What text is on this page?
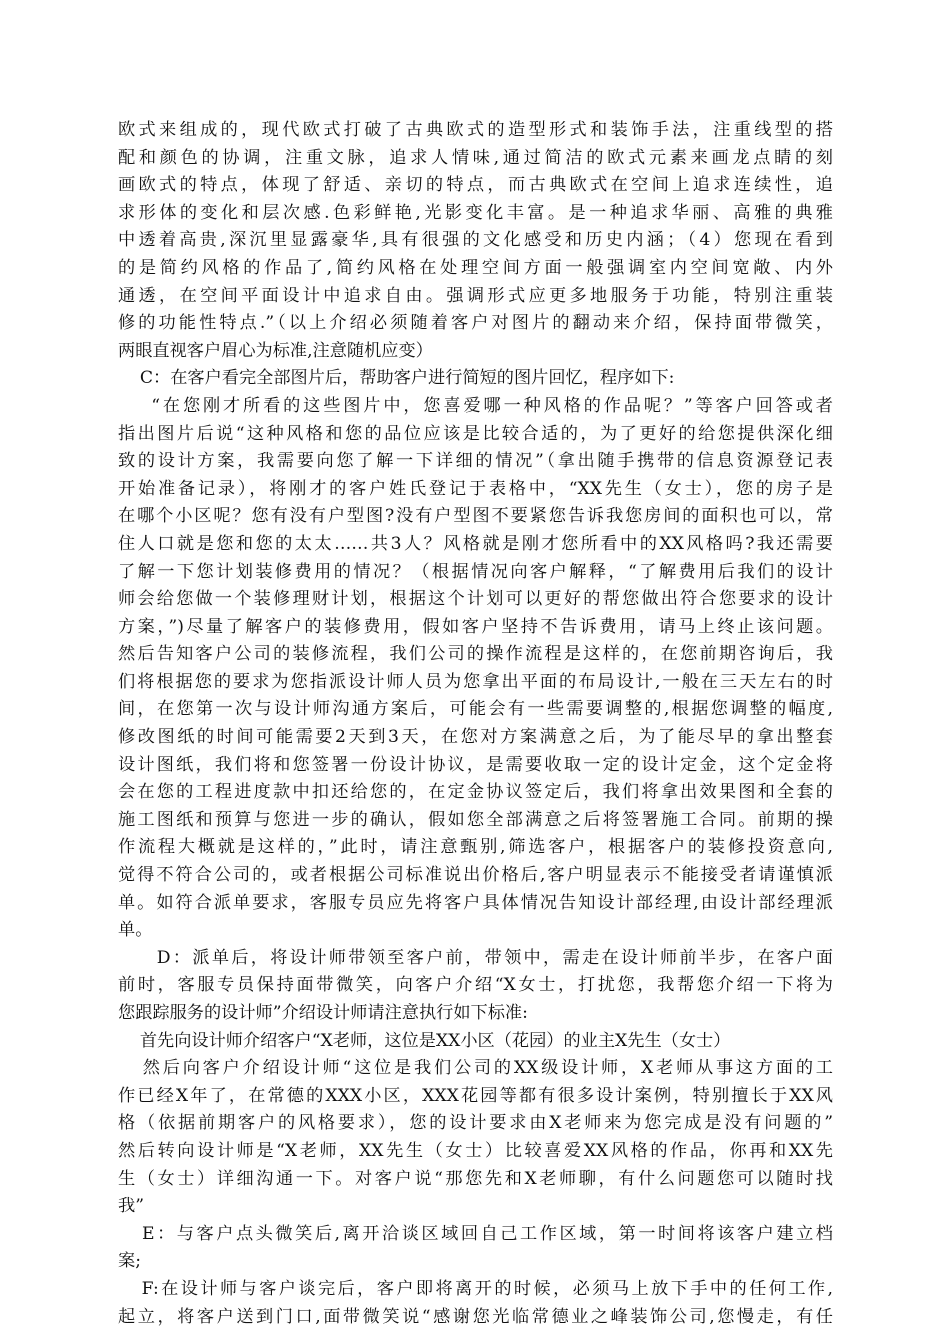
欧式来组成的，现代欧式打破了古典欧式的造型形式和装饰手法，注重线型的搭
配和颜色的协调，注重文脉，追求人情味,通过简洁的欧式元素来画龙点睛的刻
画欧式的特点，体现了舒适、亲切的特点，而古典欧式在空间上追求连续性，追
求形体的变化和层次感.色彩鲜艳,光影变化丰富。是一种追求华丽、高雅的典雅
中透着高贵,深沉里显露豪华,具有很强的文化感受和历史内涵；（4）您现在看到
的是简约风格的作品了,简约风格在处理空间方面一般强调室内空间宽敞、内外
通透，在空间平面设计中追求自由。强调形式应更多地服务于功能，特别注重装
修的功能性特点.”（以上介绍必须随着客户对图片的翻动来介绍，保持面带微笑，
两眼直视客户眉心为标准,注意随机应变）
C：在客户看完全部图片后，帮助客户进行简短的图片回忆，程序如下:
“在您刚才所看的这些图片中，您喜爱哪一种风格的作品呢？”等客户回答或者
指出图片后说“这种风格和您的品位应该是比较合适的，为了更好的给您提供深化细
致的设计方案，我需要向您了解一下详细的情况”（拿出随手携带的信息资源登记表
开始准备记录），将刚才的客户姓氏登记于表格中，“XX先生（女士），您的房子是
在哪个小区呢？您有没有户型图?没有户型图不要紧您告诉我您房间的面积也可以，常
住人口就是您和您的太太……共3人？风格就是刚才您所看中的XX风格吗?我还需要
了解一下您计划装修费用的情况？（根据情况向客户解释，“了解费用后我们的设计
师会给您做一个装修理财计划，根据这个计划可以更好的帮您做出符合您要求的设计
方案，”)尽量了解客户的装修费用，假如客户坚持不告诉费用，请马上终止该问题。
然后告知客户公司的装修流程，我们公司的操作流程是这样的，在您前期咨询后，我
们将根据您的要求为您指派设计师人员为您拿出平面的布局设计,一般在三天左右的时
间，在您第一次与设计师沟通方案后，可能会有一些需要调整的,根据您调整的幅度,
修改图纸的时间可能需要2天到3天，在您对方案满意之后，为了能尽早的拿出整套
设计图纸，我们将和您签署一份设计协议，是需要收取一定的设计定金，这个定金将
会在您的工程进度款中扣还给您的，在定金协议签定后，我们将拿出效果图和全套的
施工图纸和预算与您进一步的确认，假如您全部满意之后将签署施工合同。前期的操
作流程大概就是这样的，”此时，请注意甄别,筛选客户，根据客户的装修投资意向,
觉得不符合公司的，或者根据公司标准说出价格后,客户明显表示不能接受者请谨慎派
单。如符合派单要求，客服专员应先将客户具体情况告知设计部经理,由设计部经理派
单。
D：派单后，将设计师带领至客户前，带领中，需走在设计师前半步，在客户面
前时，客服专员保持面带微笑，向客户介绍“X女士，打扰您，我帮您介绍一下将为
您跟踪服务的设计师”介绍设计师请注意执行如下标准:
首先向设计师介绍客户“X老师，这位是XX小区（花园）的业主X先生（女士）
然后向客户介绍设计师“这位是我们公司的XX级设计师，X老师从事这方面的工
作已经X年了，在常德的XXX小区，XXX花园等都有很多设计案例，特别擅长于XX风
格（依据前期客户的风格要求），您的设计要求由X老师来为您完成是没有问题的”
然后转向设计师是“X老师，XX先生（女士）比较喜爱XX风格的作品，你再和XX先
生（女士）详细沟通一下。对客户说“那您先和X老师聊，有什么问题您可以随时找
我”
E：与客户点头微笑后,离开洽谈区域回自己工作区域，第一时间将该客户建立档
案;
F:在设计师与客户谈完后，客户即将离开的时候，必须马上放下手中的任何工作,
起立，将客户送到门口,面带微笑说“感谢您光临常德业之峰装饰公司,您慢走，有任
